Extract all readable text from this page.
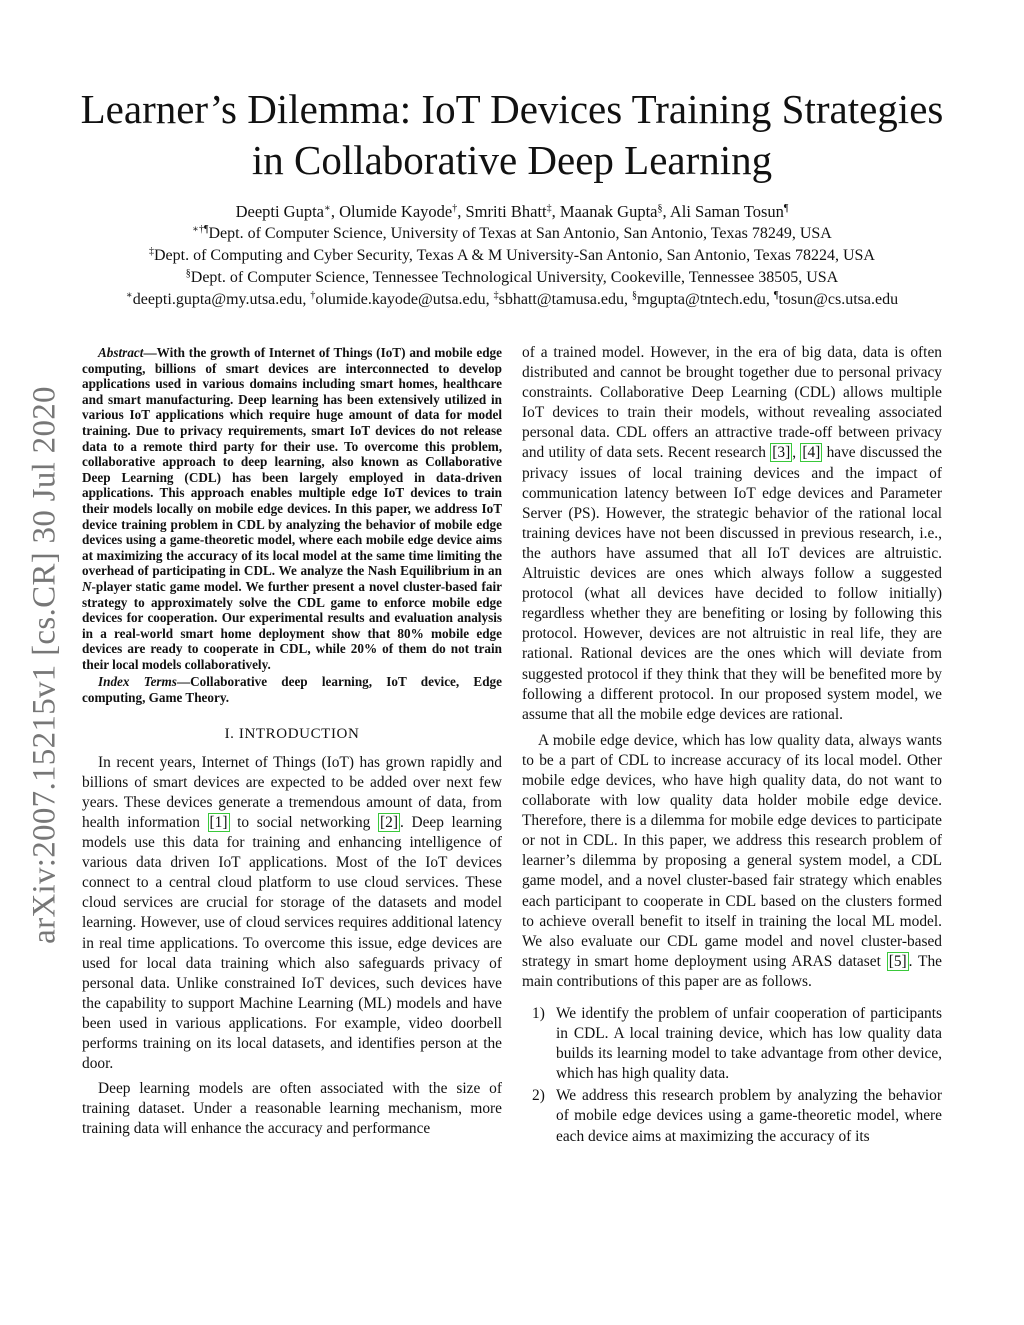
arXiv:2007.15215v1 [cs.CR] 30 Jul 2020
Learner’s Dilemma: IoT Devices Training Strategies
in Collaborative Deep Learning
Deepti Gupta∗, Olumide Kayode†, Smriti Bhatt‡, Maanak Gupta§, Ali Saman Tosun¶
∗†¶Dept. of Computer Science, University of Texas at San Antonio, San Antonio, Texas 78249, USA
‡Dept. of Computing and Cyber Security, Texas A & M University-San Antonio, San Antonio, Texas 78224, USA
§Dept. of Computer Science, Tennessee Technological University, Cookeville, Tennessee 38505, USA
∗deepti.gupta@my.utsa.edu, †olumide.kayode@utsa.edu, ‡sbhatt@tamusa.edu, §mgupta@tntech.edu, ¶tosun@cs.utsa.edu

Abstract—With the growth of Internet of Things (IoT) and mobile edge computing, billions of smart devices are interconnected to develop applications used in various domains including smart homes, healthcare and smart manufacturing. Deep learning has been extensively utilized in various IoT applications which require huge amount of data for model training. Due to privacy requirements, smart IoT devices do not release data to a remote third party for their use. To overcome this problem, collaborative approach to deep learning, also known as Collaborative Deep Learning (CDL) has been largely employed in data-driven applications. This approach enables multiple edge IoT devices to train their models locally on mobile edge devices. In this paper, we address IoT device training problem in CDL by analyzing the behavior of mobile edge devices using a game-theoretic model, where each mobile edge device aims at maximizing the accuracy of its local model at the same time limiting the overhead of participating in CDL. We analyze the Nash Equilibrium in an N-player static game model. We further present a novel cluster-based fair strategy to approximately solve the CDL game to enforce mobile edge devices for cooperation. Our experimental results and evaluation analysis in a real-world smart home deployment show that 80% mobile edge devices are ready to cooperate in CDL, while 20% of them do not train their local models collaboratively.

Index Terms—Collaborative deep learning, IoT device, Edge computing, Game Theory.

I. INTRODUCTION

In recent years, Internet of Things (IoT) has grown rapidly and billions of smart devices are expected to be added over next few years. These devices generate a tremendous amount of data, from health information [1] to social networking [2] . Deep learning models use this data for training and enhancing intelligence of various data driven IoT applications. Most of the IoT devices connect to a central cloud platform to use cloud services. These cloud services are crucial for storage of the datasets and model learning. However, use of cloud services requires additional latency in real time applications. To overcome this issue, edge devices are used for local data training which also safeguards privacy of personal data. Unlike constrained IoT devices, such devices have the capability to support Machine Learning (ML) models and have been used in various applications. For example, video doorbell performs training on its local datasets, and identifies person at the door.

Deep learning models are often associated with the size of training dataset. Under a reasonable learning mechanism, more training data will enhance the accuracy and performance

of a trained model. However, in the era of big data, data is often distributed and cannot be brought together due to personal privacy constraints. Collaborative Deep Learning (CDL) allows multiple IoT devices to train their models, without revealing associated personal data. CDL offers an attractive trade-off between privacy and utility of data sets. Recent research [3] , [4] have discussed the privacy issues of local training devices and the impact of communication latency between IoT edge devices and Parameter Server (PS). However, the strategic behavior of the rational local training devices have not been discussed in previous research, i.e., the authors have assumed that all IoT devices are altruistic. Altruistic devices are ones which always follow a suggested protocol (what all devices have decided to follow initially) regardless whether they are benefiting or losing by following this protocol. However, devices are not altruistic in real life, they are rational. Rational devices are the ones which will deviate from suggested protocol if they think that they will be benefited more by following a different protocol. In our proposed system model, we assume that all the mobile edge devices are rational.

A mobile edge device, which has low quality data, always wants to be a part of CDL to increase accuracy of its local model. Other mobile edge devices, who have high quality data, do not want to collaborate with low quality data holder mobile edge device. Therefore, there is a dilemma for mobile edge devices to participate or not in CDL. In this paper, we address this research problem of learner’s dilemma by proposing a general system model, a CDL game model, and a novel cluster-based fair strategy which enables each participant to cooperate in CDL based on the clusters formed to achieve overall benefit to itself in training the local ML model. We also evaluate our CDL game model and novel cluster-based strategy in smart home deployment using ARAS dataset [5] . The main contributions of this paper are as follows.

1) We identify the problem of unfair cooperation of participants in CDL. A local training device, which has low quality data builds its learning model to take advantage from other device, which has high quality data.
2) We address this research problem by analyzing the behavior of mobile edge devices using a game-theoretic model, where each device aims at maximizing the accuracy of its
